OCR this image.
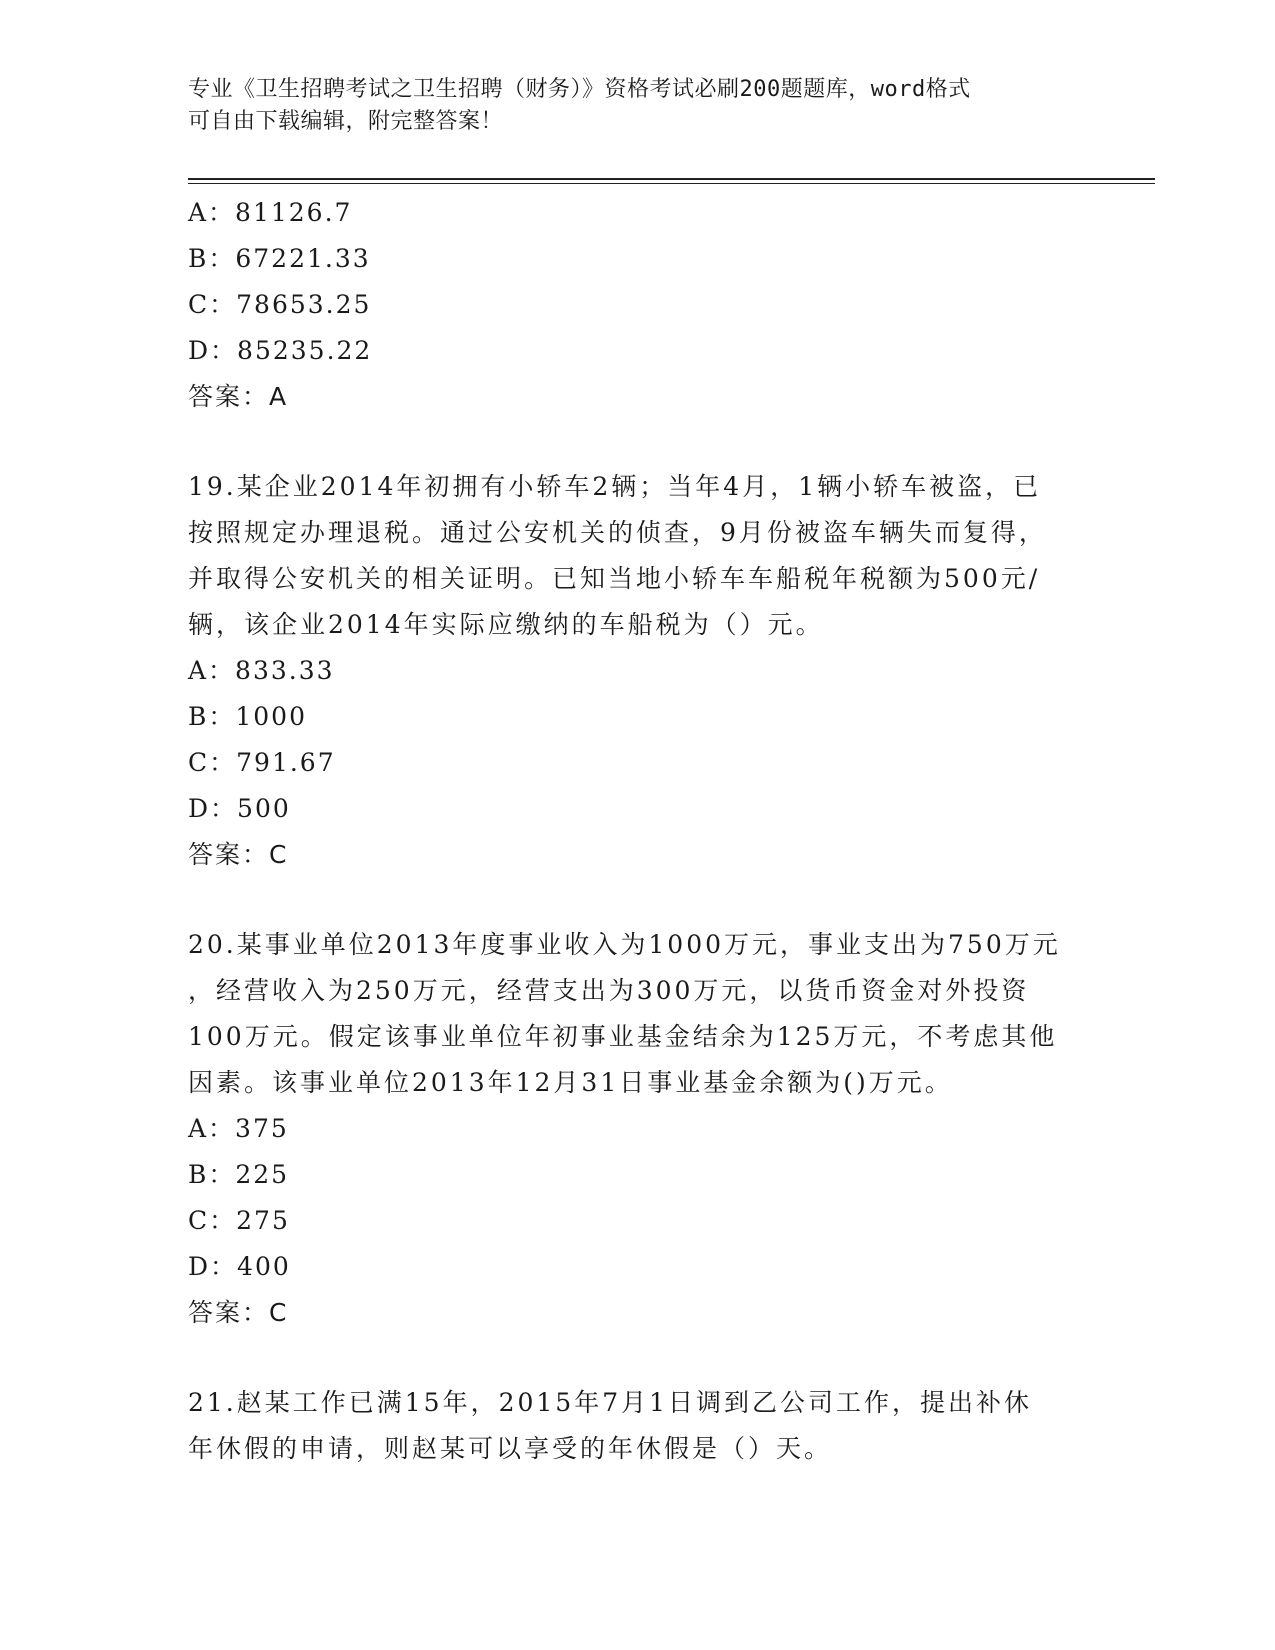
专业《卫生招聘考试之卫生招聘（财务）》资格考试必刷200题题库，word格式
可自由下载编辑，附完整答案！
A：81126.7
B：67221.33
C：78653.25
D：85235.22
答案：A
19.某企业2014年初拥有小轿车2辆；当年4月，1辆小轿车被盗，已
按照规定办理退税。通过公安机关的侦查，9月份被盗车辆失而复得，
并取得公安机关的相关证明。已知当地小轿车车船税年税额为500元/
辆，该企业2014年实际应缴纳的车船税为（）元。
A：833.33
B：1000
C：791.67
D：500
答案：C
20.某事业单位2013年度事业收入为1000万元，事业支出为750万元
，经营收入为250万元，经营支出为300万元，以货币资金对外投资
100万元。假定该事业单位年初事业基金结余为125万元，不考虑其他
因素。该事业单位2013年12月31日事业基金余额为()万元。
A：375
B：225
C：275
D：400
答案：C
21.赵某工作已满15年，2015年7月1日调到乙公司工作，提出补休
年休假的申请，则赵某可以享受的年休假是（）天。
